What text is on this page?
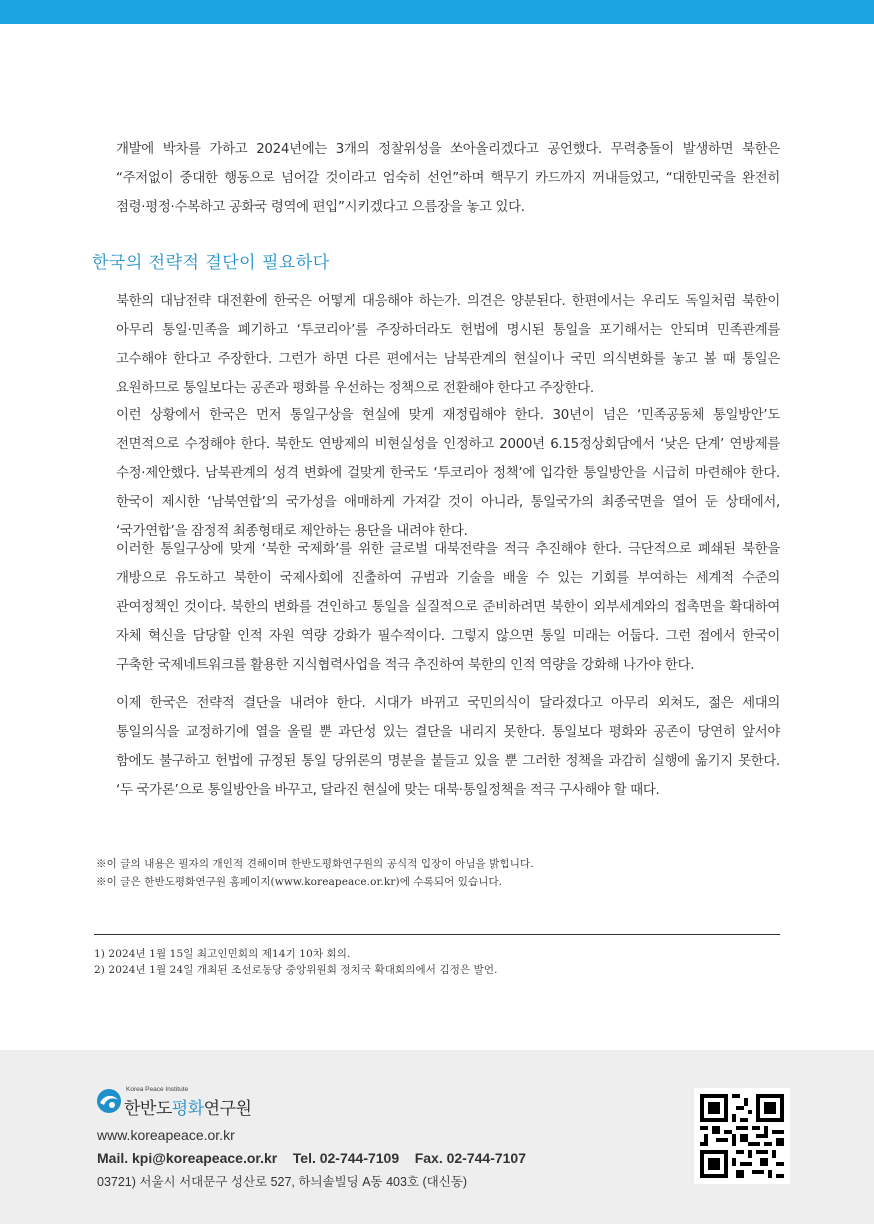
개발에 박차를 가하고 2024년에는 3개의 정찰위성을 쏘아올리겠다고 공언했다. 무력충돌이 발생하면 북한은 “주저없이 중대한 행동으로 넘어갈 것이라고 엄숙히 선언”하며 핵무기 카드까지 꺼내들었고, “대한민국을 완전히 점령·평정·수복하고 공화국 령역에 편입”시키겠다고 으름장을 놓고 있다.

한국의 전략적 결단이 필요하다

북한의 대남전략 대전환에 한국은 어떻게 대응해야 하는가. 의견은 양분된다. 한편에서는 우리도 독일처럼 북한이 아무리 통일·민족을 폐기하고 ‘투코리아’를 주장하더라도 헌법에 명시된 통일을 포기해서는 안되며 민족관계를 고수해야 한다고 주장한다. 그런가 하면 다른 편에서는 남북관계의 현실이나 국민 의식변화를 놓고 볼 때 통일은 요원하므로 통일보다는 공존과 평화를 우선하는 정책으로 전환해야 한다고 주장한다.

이런 상황에서 한국은 먼저 통일구상을 현실에 맞게 재정립해야 한다. 30년이 넘은 ‘민족공동체 통일방안’도 전면적으로 수정해야 한다. 북한도 연방제의 비현실성을 인정하고 2000년 6.15정상회담에서 ‘낮은 단계’ 연방제를 수정·제안했다. 남북관계의 성격 변화에 걸맞게 한국도 ‘투코리아 정책’에 입각한 통일방안을 시급히 마련해야 한다. 한국이 제시한 ‘남북연합’의 국가성을 애매하게 가져갈 것이 아니라, 통일국가의 최종국면을 열어 둔 상태에서, ‘국가연합’을 잠정적 최종형태로 제안하는 용단을 내려야 한다.

이러한 통일구상에 맞게 ‘북한 국제화’를 위한 글로벌 대북전략을 적극 추진해야 한다. 극단적으로 폐쇄된 북한을 개방으로 유도하고 북한이 국제사회에 진출하여 규범과 기술을 배울 수 있는 기회를 부여하는 세계적 수준의 관여정책인 것이다. 북한의 변화를 견인하고 통일을 실질적으로 준비하려면 북한이 외부세계와의 접촉면을 확대하여 자체 혁신을 담당할 인적 자원 역량 강화가 필수적이다. 그렇지 않으면 통일 미래는 어둡다. 그런 점에서 한국이 구축한 국제네트워크를 활용한 지식협력사업을 적극 추진하여 북한의 인적 역량을 강화해 나가야 한다.

이제 한국은 전략적 결단을 내려야 한다. 시대가 바뀌고 국민의식이 달라졌다고 아무리 외쳐도, 젊은 세대의 통일의식을 교정하기에 열을 올릴 뿐 과단성 있는 결단을 내리지 못한다. 통일보다 평화와 공존이 당연히 앞서야 함에도 불구하고 헌법에 규정된 통일 당위론의 명분을 붙들고 있을 뿐 그러한 정책을 과감히 실행에 옮기지 못한다. ‘두 국가론’으로 통일방안을 바꾸고, 달라진 현실에 맞는 대북·통일정책을 적극 구사해야 할 때다.

※이 글의 내용은 필자의 개인적 견해이며 한반도평화연구원의 공식적 입장이 아님을 밝힙니다.
※이 글은 한반도평화연구원 홈페이지(www.koreapeace.or.kr)에 수록되어 있습니다.
1) 2024년 1월 15일 최고인민회의 제14기 10차 회의.
2) 2024년 1월 24일 개최된 조선로동당 중앙위원회 정치국 확대회의에서 김정은 발언.
Korea Peace Institute
한반도평화연구원
www.koreapeace.or.kr
Mail. kpi@koreapeace.or.kr Tel. 02-744-7109 Fax. 02-744-7107
03721) 서울시 서대문구 성산로 527, 하늬솔빌딩 A동 403호 (대신동)
